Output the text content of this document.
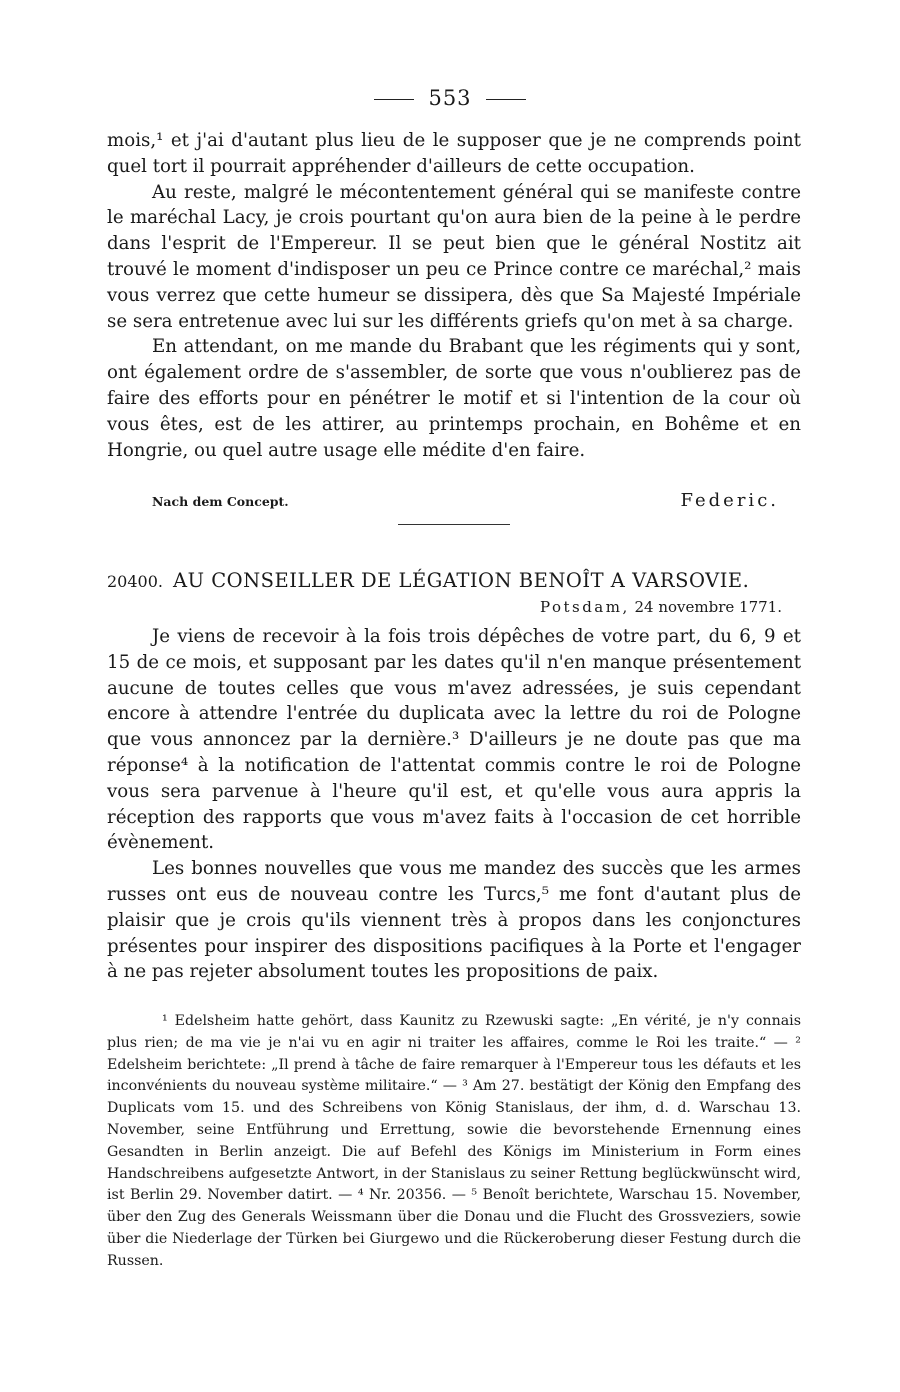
553

mois,¹ et j'ai d'autant plus lieu de le supposer que je ne comprends point quel tort il pourrait appréhender d'ailleurs de cette occupation.

Au reste, malgré le mécontentement général qui se manifeste contre le maréchal Lacy, je crois pourtant qu'on aura bien de la peine à le perdre dans l'esprit de l'Empereur. Il se peut bien que le général Nostitz ait trouvé le moment d'indisposer un peu ce Prince contre ce maréchal,² mais vous verrez que cette humeur se dissipera, dès que Sa Majesté Impériale se sera entretenue avec lui sur les différents griefs qu'on met à sa charge.

En attendant, on me mande du Brabant que les régiments qui y sont, ont également ordre de s'assembler, de sorte que vous n'oublierez pas de faire des efforts pour en pénétrer le motif et si l'intention de la cour où vous êtes, est de les attirer, au printemps prochain, en Bohême et en Hongrie, ou quel autre usage elle médite d'en faire.

Nach dem Concept.	Federic.
20400. AU CONSEILLER DE LÉGATION BENOÎT A VARSOVIE.
Potsdam, 24 novembre 1771.

Je viens de recevoir à la fois trois dépêches de votre part, du 6, 9 et 15 de ce mois, et supposant par les dates qu'il n'en manque présentement aucune de toutes celles que vous m'avez adressées, je suis cependant encore à attendre l'entrée du duplicata avec la lettre du roi de Pologne que vous annoncez par la dernière.³ D'ailleurs je ne doute pas que ma réponse⁴ à la notification de l'attentat commis contre le roi de Pologne vous sera parvenue à l'heure qu'il est, et qu'elle vous aura appris la réception des rapports que vous m'avez faits à l'occasion de cet horrible évènement.

Les bonnes nouvelles que vous me mandez des succès que les armes russes ont eus de nouveau contre les Turcs,⁵ me font d'autant plus de plaisir que je crois qu'ils viennent très à propos dans les conjonctures présentes pour inspirer des dispositions pacifiques à la Porte et l'engager à ne pas rejeter absolument toutes les propositions de paix.

¹ Edelsheim hatte gehört, dass Kaunitz zu Rzewuski sagte: „En vérité, je n'y connais plus rien; de ma vie je n'ai vu en agir ni traiter les affaires, comme le Roi les traite.“ — ² Edelsheim berichtete: „Il prend à tâche de faire remarquer à l'Empereur tous les défauts et les inconvénients du nouveau système militaire.“ — ³ Am 27. bestätigt der König den Empfang des Duplicats vom 15. und des Schreibens von König Stanislaus, der ihm, d. d. Warschau 13. November, seine Entführung und Errettung, sowie die bevorstehende Ernennung eines Gesandten in Berlin anzeigt. Die auf Befehl des Königs im Ministerium in Form eines Handschreibens aufgesetzte Antwort, in der Stanislaus zu seiner Rettung beglückwünscht wird, ist Berlin 29. November datirt. — ⁴ Nr. 20356. — ⁵ Benoît berichtete, Warschau 15. November, über den Zug des Generals Weissmann über die Donau und die Flucht des Grossveziers, sowie über die Niederlage der Türken bei Giurgewo und die Rückeroberung dieser Festung durch die Russen.
